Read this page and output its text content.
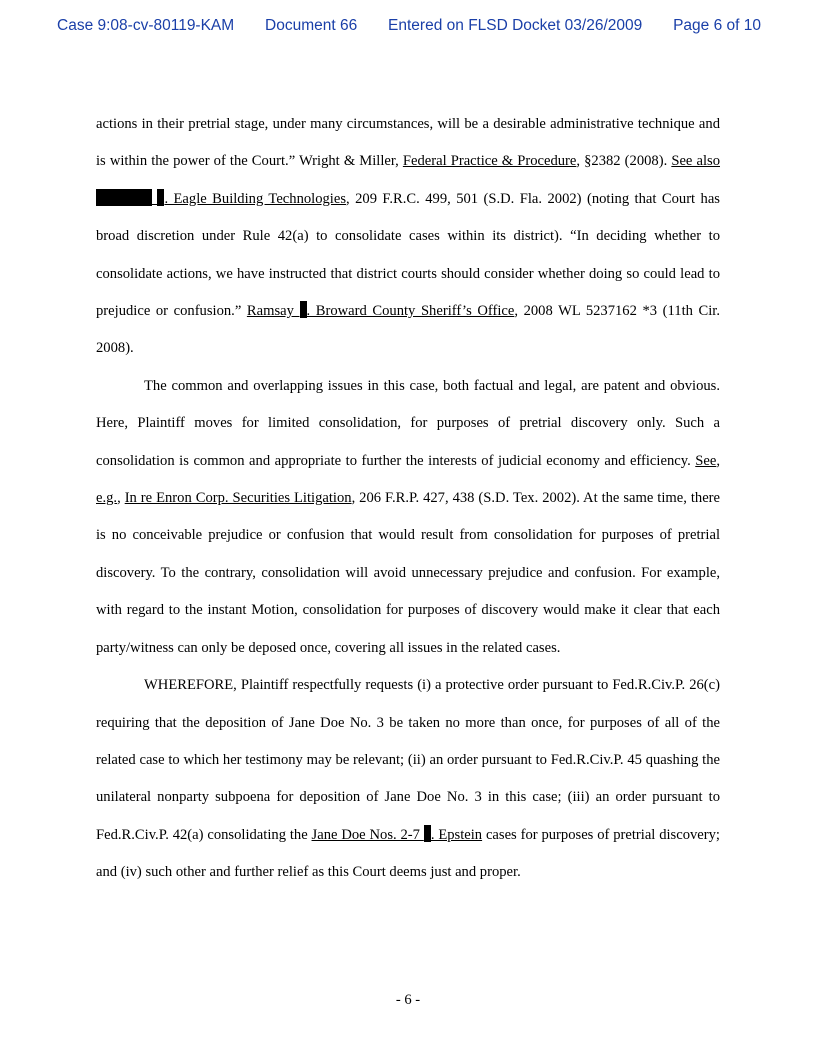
Case 9:08-cv-80119-KAM Document 66 Entered on FLSD Docket 03/26/2009 Page 6 of 10

actions in their pretrial stage, under many circumstances, will be a desirable administrative technique and is within the power of the Court.” Wright & Miller, Federal Practice & Procedure, §2382 (2008). See also  . Eagle Building Technologies, 209 F.R.C. 499, 501 (S.D. Fla. 2002) (noting that Court has broad discretion under Rule 42(a) to consolidate cases within its district). “In deciding whether to consolidate actions, we have instructed that district courts should consider whether doing so could lead to prejudice or confusion.” Ramsay . Broward County Sheriff’s Office, 2008 WL 5237162 *3 (11th Cir. 2008).

The common and overlapping issues in this case, both factual and legal, are patent and obvious. Here, Plaintiff moves for limited consolidation, for purposes of pretrial discovery only. Such a consolidation is common and appropriate to further the interests of judicial economy and efficiency. See, e.g., In re Enron Corp. Securities Litigation, 206 F.R.P. 427, 438 (S.D. Tex. 2002). At the same time, there is no conceivable prejudice or confusion that would result from consolidation for purposes of pretrial discovery. To the contrary, consolidation will avoid unnecessary prejudice and confusion. For example, with regard to the instant Motion, consolidation for purposes of discovery would make it clear that each party/witness can only be deposed once, covering all issues in the related cases.

WHEREFORE, Plaintiff respectfully requests (i) a protective order pursuant to Fed.R.Civ.P. 26(c) requiring that the deposition of Jane Doe No. 3 be taken no more than once, for purposes of all of the related case to which her testimony may be relevant; (ii) an order pursuant to Fed.R.Civ.P. 45 quashing the unilateral nonparty subpoena for deposition of Jane Doe No. 3 in this case; (iii) an order pursuant to Fed.R.Civ.P. 42(a) consolidating the Jane Doe Nos. 2-7 . Epstein cases for purposes of pretrial discovery; and (iv) such other and further relief as this Court deems just and proper.

- 6 -
